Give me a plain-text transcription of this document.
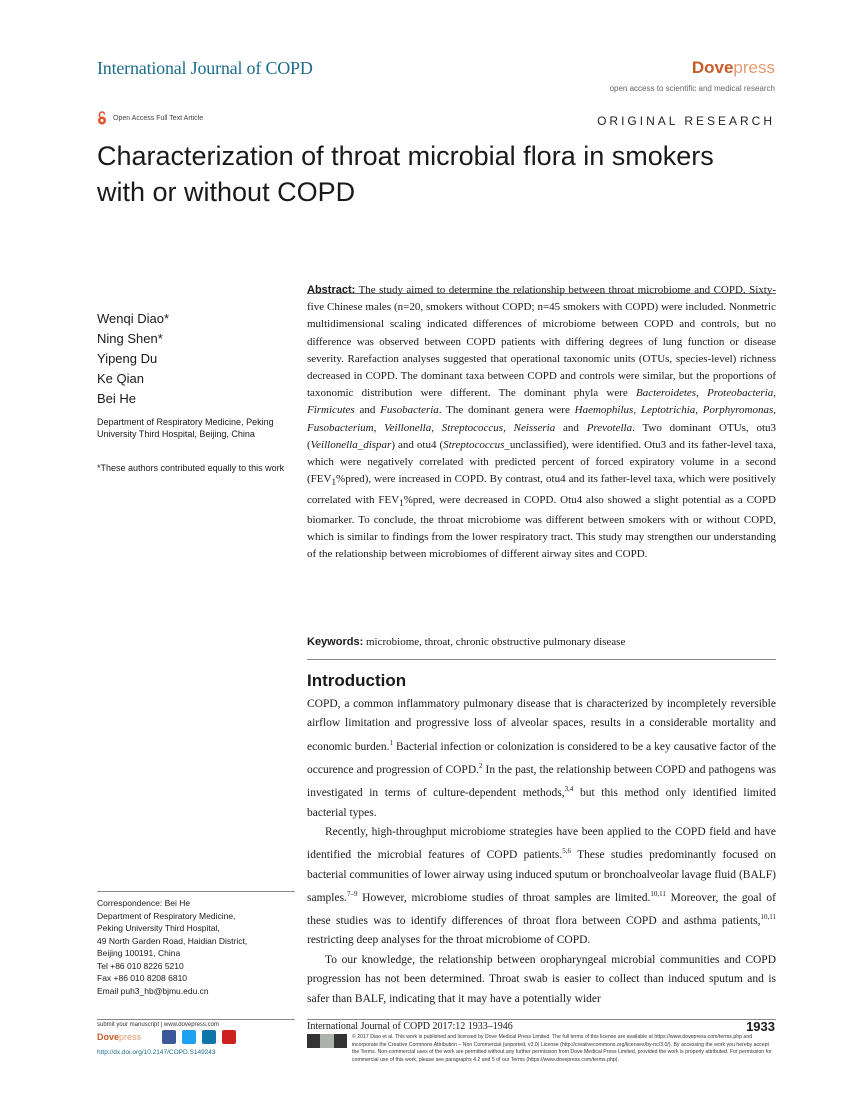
International Journal of COPD	Dovepress
open access to scientific and medical research
Open Access Full Text Article	ORIGINAL RESEARCH
Characterization of throat microbial flora in smokers with or without COPD
Wenqi Diao*
Ning Shen*
Yipeng Du
Ke Qian
Bei He
Department of Respiratory Medicine, Peking University Third Hospital, Beijing, China
*These authors contributed equally to this work
Correspondence: Bei He
Department of Respiratory Medicine,
Peking University Third Hospital,
49 North Garden Road, Haidian District,
Beijing 100191, China
Tel +86 010 8226 5210
Fax +86 010 8208 6810
Email puh3_hb@bjmu.edu.cn
Abstract: The study aimed to determine the relationship between throat microbiome and COPD. Sixty-five Chinese males (n=20, smokers without COPD; n=45 smokers with COPD) were included. Nonmetric multidimensional scaling indicated differences of microbiome between COPD and controls, but no difference was observed between COPD patients with differing degrees of lung function or disease severity. Rarefaction analyses suggested that operational taxonomic units (OTUs, species-level) richness decreased in COPD. The dominant taxa between COPD and controls were similar, but the proportions of taxonomic distribution were different. The dominant phyla were Bacteroidetes, Proteobacteria, Firmicutes and Fusobacteria. The dominant genera were Haemophilus, Leptotrichia, Porphyromonas, Fusobacterium, Veillonella, Streptococcus, Neisseria and Prevotella. Two dominant OTUs, otu3 (Veillonella_dispar) and otu4 (Streptococcus_unclassified), were identified. Otu3 and its father-level taxa, which were negatively correlated with predicted percent of forced expiratory volume in a second $(FEV_1\%pred)$, were increased in COPD. By contrast, otu4 and its father-level taxa, which were positively correlated with $FEV_1\%pred$, were decreased in COPD. Otu4 also showed a slight potential as a COPD biomarker. To conclude, the throat microbiome was different between smokers with or without COPD, which is similar to findings from the lower respiratory tract. This study may strengthen our understanding of the relationship between microbiomes of different airway sites and COPD.
Keywords: microbiome, throat, chronic obstructive pulmonary disease
Introduction

COPD, a common inflammatory pulmonary disease that is characterized by incompletely reversible airflow limitation and progressive loss of alveolar spaces, results in a considerable mortality and economic burden.$^1$ Bacterial infection or colonization is considered to be a key causative factor of the occurence and progression of COPD.$^2$ In the past, the relationship between COPD and pathogens was investigated in terms of culture-dependent methods,$^{3,4}$ but this method only identified limited bacterial types.

Recently, high-throughput microbiome strategies have been applied to the COPD field and have identified the microbial features of COPD patients.$^{5,6}$ These studies predominantly focused on bacterial communities of lower airway using induced sputum or bronchoalveolar lavage fluid (BALF) samples.$^{7-9}$ However, microbiome studies of throat samples are limited.$^{10,11}$ Moreover, the goal of these studies was to identify differences of throat flora between COPD and asthma patients,$^{10,11}$ restricting deep analyses for the throat microbiome of COPD.

To our knowledge, the relationship between oropharyngeal microbial communities and COPD progression has not been determined. Throat swab is easier to collect than induced sputum and is safer than BALF, indicating that it may have a potentially wider

submit your manuscript | www.dovepress.com
Dovepress
http://dx.doi.org/10.2147/COPD.S149243
International Journal of COPD 2017:12 1933–1946	1933
© 2017 Diao et al. This work is published and licensed by Dove Medical Press Limited. The full terms of this license are available at https://www.dovepress.com/terms.php and incorporate the Creative Commons Attribution – Non Commercial (unported, v3.0) License (http://creativecommons.org/licenses/by-nc/3.0/). By accessing the work you hereby accept the Terms. Non-commercial uses of the work are permitted without any further permission from Dove Medical Press Limited, provided the work is properly attributed. For permission for commercial use of this work, please see paragraphs 4.2 and 5 of our Terms (https://www.dovepress.com/terms.php).
